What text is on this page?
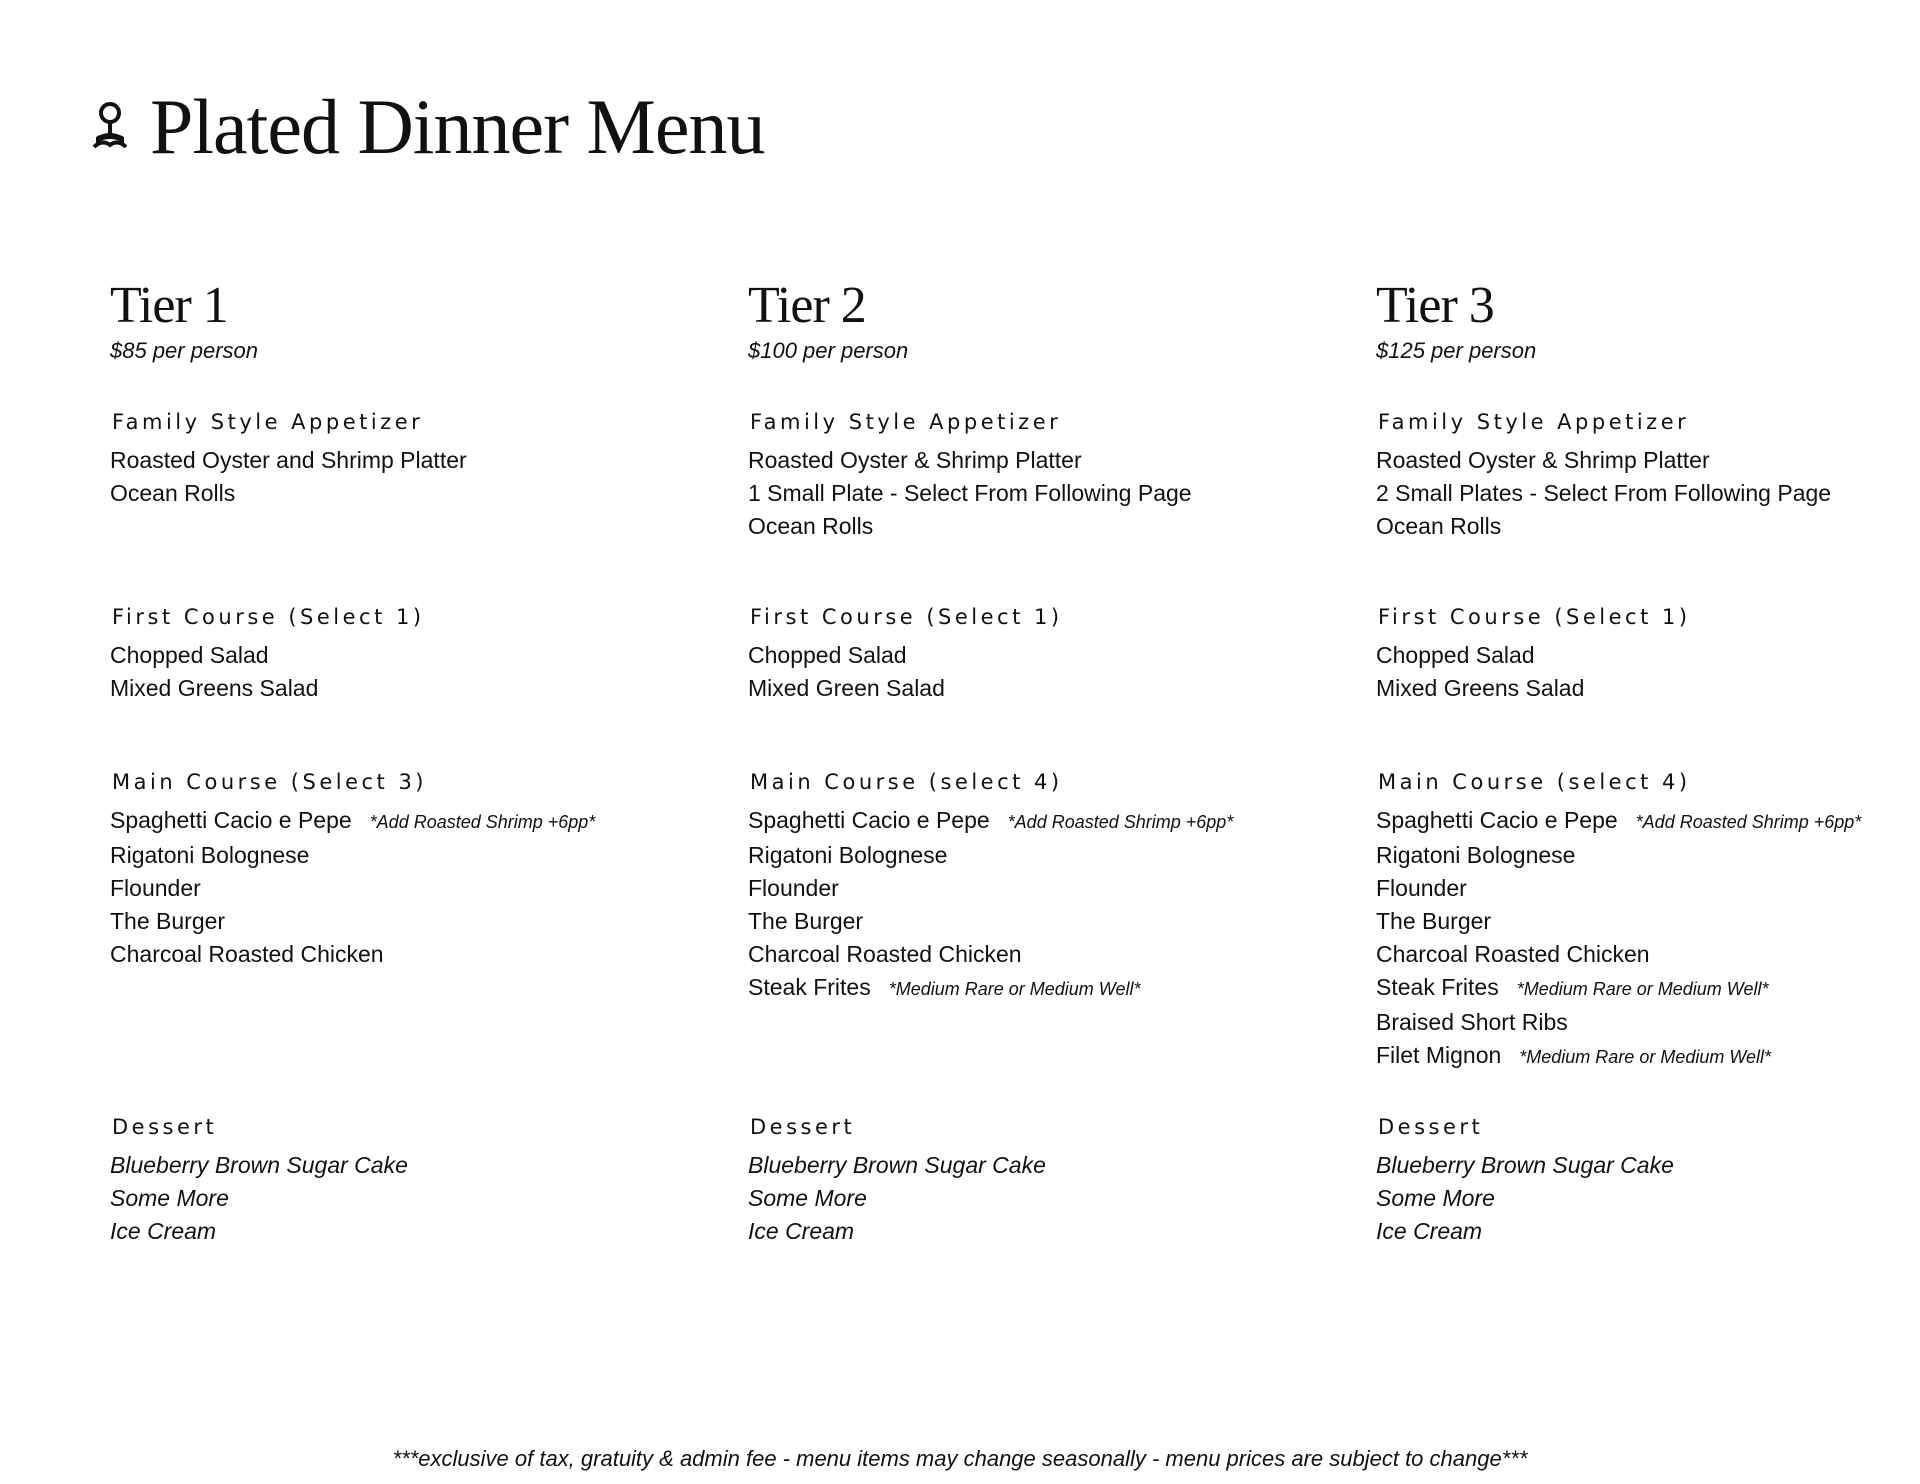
Plated Dinner Menu
Tier 1
$85 per person
Family Style Appetizer
Roasted Oyster and Shrimp Platter
Ocean Rolls
First Course (Select 1)
Chopped Salad
Mixed Greens Salad
Main Course (Select 3)
Spaghetti Cacio e Pepe *Add Roasted Shrimp +6pp*
Rigatoni Bolognese
Flounder
The Burger
Charcoal Roasted Chicken
Dessert
Blueberry Brown Sugar Cake
Some More
Ice Cream
Tier 2
$100 per person
Family Style Appetizer
Roasted Oyster & Shrimp Platter
1 Small Plate - Select From Following Page
Ocean Rolls
First Course (Select 1)
Chopped Salad
Mixed Green Salad
Main Course (select 4)
Spaghetti Cacio e Pepe *Add Roasted Shrimp +6pp*
Rigatoni Bolognese
Flounder
The Burger
Charcoal Roasted Chicken
Steak Frites *Medium Rare or Medium Well*
Dessert
Blueberry Brown Sugar Cake
Some More
Ice Cream
Tier 3
$125 per person
Family Style Appetizer
Roasted Oyster & Shrimp Platter
2 Small Plates - Select From Following Page
Ocean Rolls
First Course (Select 1)
Chopped Salad
Mixed Greens Salad
Main Course (select 4)
Spaghetti Cacio e Pepe *Add Roasted Shrimp +6pp*
Rigatoni Bolognese
Flounder
The Burger
Charcoal Roasted Chicken
Steak Frites *Medium Rare or Medium Well*
Braised Short Ribs
Filet Mignon *Medium Rare or Medium Well*
Dessert
Blueberry Brown Sugar Cake
Some More
Ice Cream
***exclusive of tax, gratuity & admin fee - menu items may change seasonally - menu prices are subject to change***
